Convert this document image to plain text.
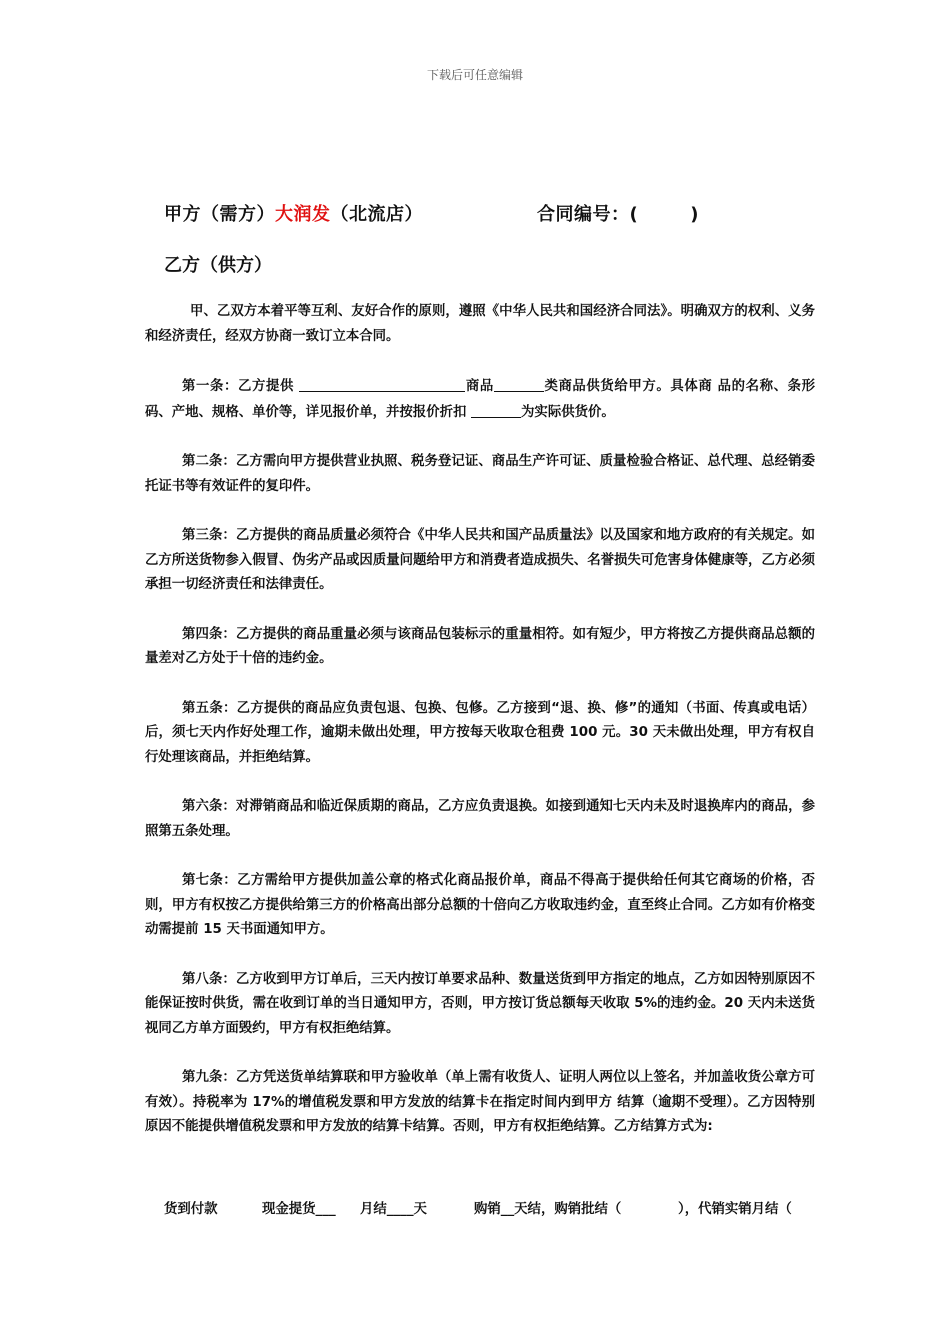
下载后可任意编辑
甲方（需方）大润发（北流店）	合同编号：(	)
乙方（供方）

甲、乙双方本着平等互利、友好合作的原则，遵照《中华人民共和国经济合同法》。明确双方的权利、义务和经济责任，经双方协商一致订立本合同。

第一条：乙方提供	商品	类商品供货给甲方。具体商 品的名称、条形码、产地、规格、单价等，详见报价单，并按报价折扣	为实际供货价。

第二条：乙方需向甲方提供营业执照、税务登记证、商品生产许可证、质量检验合格证、总代理、总经销委托证书等有效证件的复印件。

第三条：乙方提供的商品质量必须符合《中华人民共和国产品质量法》以及国家和地方政府的有关规定。如乙方所送货物参入假冒、伪劣产品或因质量问题给甲方和消费者造成损失、名誉损失可危害身体健康等，乙方必须承担一切经济责任和法律责任。

第四条：乙方提供的商品重量必须与该商品包装标示的重量相符。如有短少，甲方将按乙方提供商品总额的量差对乙方处于十倍的违约金。

第五条：乙方提供的商品应负责包退、包换、包修。乙方接到“退、换、修”的通知（书面、传真或电话）后，须七天内作好处理工作，逾期未做出处理，甲方按每天收取仓租费 100 元。30 天未做出处理，甲方有权自行处理该商品，并拒绝结算。

第六条：对滞销商品和临近保质期的商品，乙方应负责退换。如接到通知七天内未及时退换库内的商品，参照第五条处理。

第七条：乙方需给甲方提供加盖公章的格式化商品报价单，商品不得高于提供给任何其它商场的价格，否则，甲方有权按乙方提供给第三方的价格高出部分总额的十倍向乙方收取违约金，直至终止合同。乙方如有价格变动需提前 15 天书面通知甲方。

第八条：乙方收到甲方订单后，三天内按订单要求品种、数量送货到甲方指定的地点，乙方如因特别原因不能保证按时供货，需在收到订单的当日通知甲方，否则，甲方按订货总额每天收取 5%的违约金。20 天内未送货视同乙方单方面毁约，甲方有权拒绝结算。

第九条：乙方凭送货单结算联和甲方验收单（单上需有收货人、证明人两位以上签名，并加盖收货公章方可有效）。持税率为 17%的增值税发票和甲方发放的结算卡在指定时间内到甲方 结算（逾期不受理）。乙方因特别原因不能提供增值税发票和甲方发放的结算卡结算。否则，甲方有权拒绝结算。乙方结算方式为:

货到付款	现金提货___ 月结____天	购销__天结，购销批结（	），代销实销月结（
